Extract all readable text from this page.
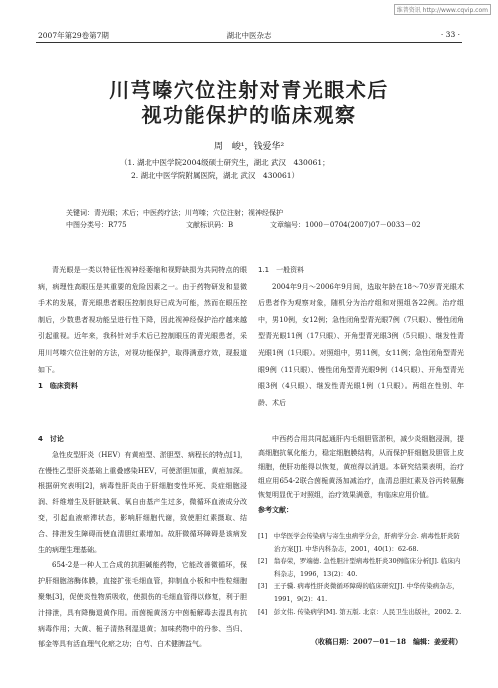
维普资讯 http://www.cqvip.com
2007年第29卷第7期	湖北中医杂志	· 33 ·
川芎嗪穴位注射对青光眼术后
视功能保护的临床观察
周　峻¹，钱爱华²
（1. 湖北中医学院2004级硕士研究生，湖北 武汉　430061；
2. 湖北中医学院附属医院，湖北 武汉　430061）
关键词：青光眼；术后；中医药疗法；川芎嗪；穴位注射；视神经保护
中图分类号：R775	文献标识码：B	文章编号：1000－0704(2007)07－0033－02

青光眼是一类以特征性视神经萎缩和视野缺损为共同特点的眼病，病理性高眼压是其重要的危险因素之一。由于药物研发和显微手术的发展，青光眼患者眼压控制良好已成为可能，然而在眼压控制后，少数患者视功能呈进行性下降，因此视神经保护治疗越来越引起重视。近年来，我科针对手术后已控制眼压的青光眼患者，采用川芎嗪穴位注射的方法，对视功能保护，取得满意疗效，现报道如下。

1　临床资料

1.1　一般资料

2004年9月～2006年9月间，选取年龄在18～70岁青光眼术后患者作为观察对象，随机分为治疗组和对照组各22例。治疗组中，男10例，女12例；急性闭角型青光眼7例（7只眼）、慢性闭角型青光眼11例（17只眼）、开角型青光眼3例（5只眼）、继发性青光眼1例（1只眼）。对照组中，男11例，女11例；急性闭角型青光眼9例（11只眼）、慢性闭角型青光眼9例（14只眼）、开角型青光眼3例（4只眼）、继发性青光眼1例（1只眼）。两组在性别、年龄、术后

4　讨论

急性皮型肝炎（HEV）有黄疸型、淤胆型、病程长的特点[1]，在慢性乙型肝炎基础上重叠感染HEV，可使淤胆加重，黄疸加深。根据研究表明[2]，病毒性肝炎由于肝细胞变性坏死、炎症细胞浸润、纤维增生及肝脏缺氧、氧自由基产生过多，微循环血液成分改变，引起血液瘀滞状态，影响肝细胞代谢，致使胆红素摄取、结合、排泄发生障碍而使血清胆红素增加。故肝微循环障碍是该病发生的病理生理基础。

654-2是一种人工合成的抗胆碱能药物，它能改善微循环，保护肝细胞溶酶体膜，直接扩张毛细血管，抑制血小板和中性粒细胞聚集[3]，促使炎性物质吸收，使损伤的毛细血管得以修复，利于胆汁排泄，具有降酶退黄作用。而茵栀黄汤方中茵栀解毒去湿具有抗病毒作用；大黄、栀子清热利湿退黄；加味药物中的丹参、当归、郁金等具有活血理气化瘀之功；白芍、白术健脾益气。

中西药合用共同起通肝内毛细胆管淤积，减少炎细胞浸润，提高细胞抗氧化能力，稳定细胞膜结构，从而保护肝细胞及胆管上皮细胞，使肝功能得以恢复，黄疸得以消退。本研究结果表明，治疗组应用654-2联合茵栀黄汤加减治疗，血清总胆红素及谷丙转氨酶恢复明显优于对照组，治疗效果满意，有临床应用价值。

参考文献：

[1]　中华医学会传染病与寄生虫病学分会，肝病学分会. 病毒性肝炎防治方案[J]. 中华内科杂志，2001，40(1)：62-68.
[2]　翁春荣，罗端德. 急性胆汁型病毒性肝炎30例临床分析[J]. 临床内科杂志，1996，13(2)：40.
[3]　王子骥. 病毒性肝炎微循环障碍的临床研究[J]. 中华传染病杂志，1991，9(2)：41.
[4]　彭文伟. 传染病学[M]. 第五版. 北京：人民卫生出版社，2002. 2.
（收稿日期：2007－01－18　编辑：姜爱莉）
